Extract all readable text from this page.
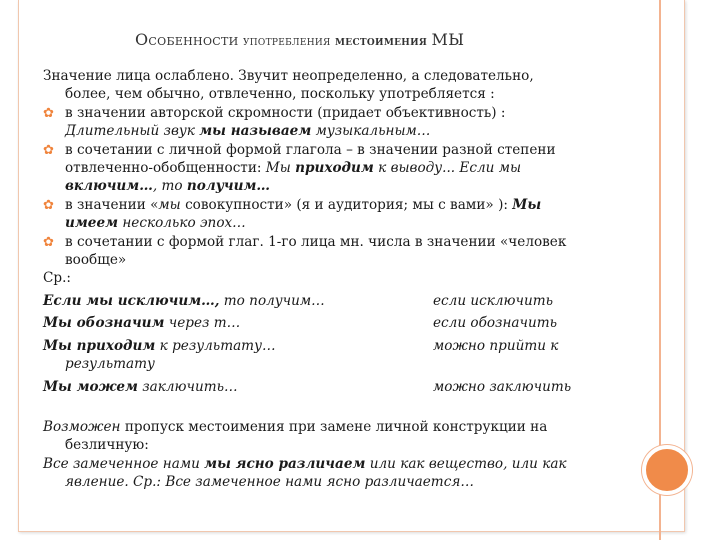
Особенности употребления местоимения МЫ

Значение лица ослаблено. Звучит неопределенно, а следовательно,

более, чем обычно, отвлеченно, поскольку употребляется :

✿ в значении авторской скромности (придает объективность) :

Длительный звук мы называем музыкальным…

✿ в сочетании с личной формой глагола – в значении разной степени

отвлеченно-обобщенности: Мы приходим к выводу... Если мы

включим…, то получим…

✿ в значении «мы совокупности» (я и аудитория; мы с вами» ): Мы

имеем несколько эпох…

✿ в сочетании с формой глаг. 1-го лица мн. числа в значении «человек

вообще»

Ср.:

Если мы исключим…, то получим…	если исключить
Мы обозначим через т…	если обозначить
Мы приходим к результату…	можно прийти к

результату

Мы можем заключить…	можно заключить

Возможен пропуск местоимения при замене личной конструкции на

безличную:

Все замеченное нами мы ясно различаем или как вещество, или как

явление. Ср.: Все замеченное нами ясно различается…
